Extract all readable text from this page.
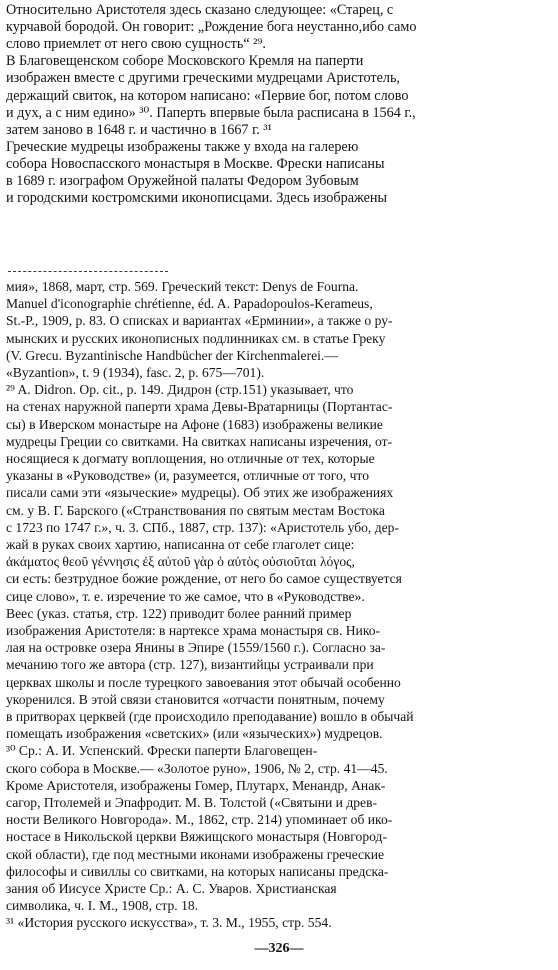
Относительно Аристотеля здесь сказано следующее: «Старец, с
курчавой бородой. Он говорит: „Рождение бога неустанно,ибо само
слово приемлет от него свою сущность“ ²⁹.
В Благовещенском соборе Московского Кремля на паперти
изображен вместе с другими греческими мудрецами Аристотель,
держащий свиток, на котором написано: «Первие бог, потом слово
и дух, а с ним едино» ³⁰. Паперть впервые была расписана в 1564 г.,
затем заново в 1648 г. и частично в 1667 г. ³¹
Греческие мудрецы изображены также у входа на галерею
собора Новоспасского монастыря в Москве. Фрески написаны
в 1689 г. изографом Оружейной палаты Федором Зубовым
и городскими костромскими иконописцами. Здесь изображены
мия», 1868, март, стр. 569. Греческий текст: Denys de Fourna.
Manuel d'iconographie chrétienne, éd. A. Papadopoulos-Kerameus,
St.-P., 1909, p. 83. О списках и вариантах «Ерминии», а также о ру-
мынских и русских иконописных подлинниках см. в статье Греку
(V. Grecu. Byzantinische Handbücher der Kirchenmalerei.—
«Byzantion», t. 9 (1934), fasc. 2, p. 675—701).
²⁹ A. Didron. Op. cit., p. 149. Дидрон (стр.151) указывает, что
на стенах наружной паперти храма Девы-Вратарницы (Портантас-
сы) в Иверском монастыре на Афоне (1683) изображены великие
мудрецы Греции со свитками. На свитках написаны изречения, от-
носящиеся к догмату воплощения, но отличные от тех, которые
указаны в «Руководстве» (и, разумеется, отличные от того, что
писали сами эти «языческие» мудрецы). Об этих же изображениях
см. у В. Г. Барского («Странствования по святым местам Востока
с 1723 по 1747 г.», ч. 3. СПб., 1887, стр. 137): «Аристотель убо, дер-
жай в руках своих хартию, написанна от себе глаголет сице:
ἀκάματος θεοῦ γέννησις ἐξ αὐτοῦ γὰρ ὁ αὐτὸς οὐσιοῦται λόγος,
си есть: безтрудное божие рождение, от него бо самое существуется
сице слово», т. е. изречение то же самое, что в «Руководстве».
Веес (указ. статья, стр. 122) приводит более ранний пример
изображения Аристотеля: в нартексе храма монастыря св. Нико-
лая на островке озера Янины в Эпире (1559/1560 г.). Согласно за-
мечанию того же автора (стр. 127), византийцы устраивали при
церквах школы и после турецкого завоевания этот обычай особенно
укоренился. В этой связи становится «отчасти понятным, почему
в притворах церквей (где происходило преподавание) вошло в обычай
помещать изображения «светских» (или «языческих») мудрецов.
³⁰ Ср.: А. И. Успенский. Фрески паперти Благовещен-
ского собора в Москве.— «Золотое руно», 1906, № 2, стр. 41—45.
Кроме Аристотеля, изображены Гомер, Плутарх, Менандр, Анак-
сагор, Птолемей и Эпафродит. М. В. Толстой («Святыни и древ-
ности Великого Новгорода». М., 1862, стр. 214) упоминает об ико-
ностасе в Никольской церкви Вяжищского монастыря (Новгород-
ской области), где под местными иконами изображены греческие
философы и сивиллы со свитками, на которых написаны предска-
зания об Иисусе Христе Ср.: А. С. Уваров. Христианская
символика, ч. I. М., 1908, стр. 18.
³¹ «История русского искусства», т. 3. М., 1955, стр. 554.
—326—
